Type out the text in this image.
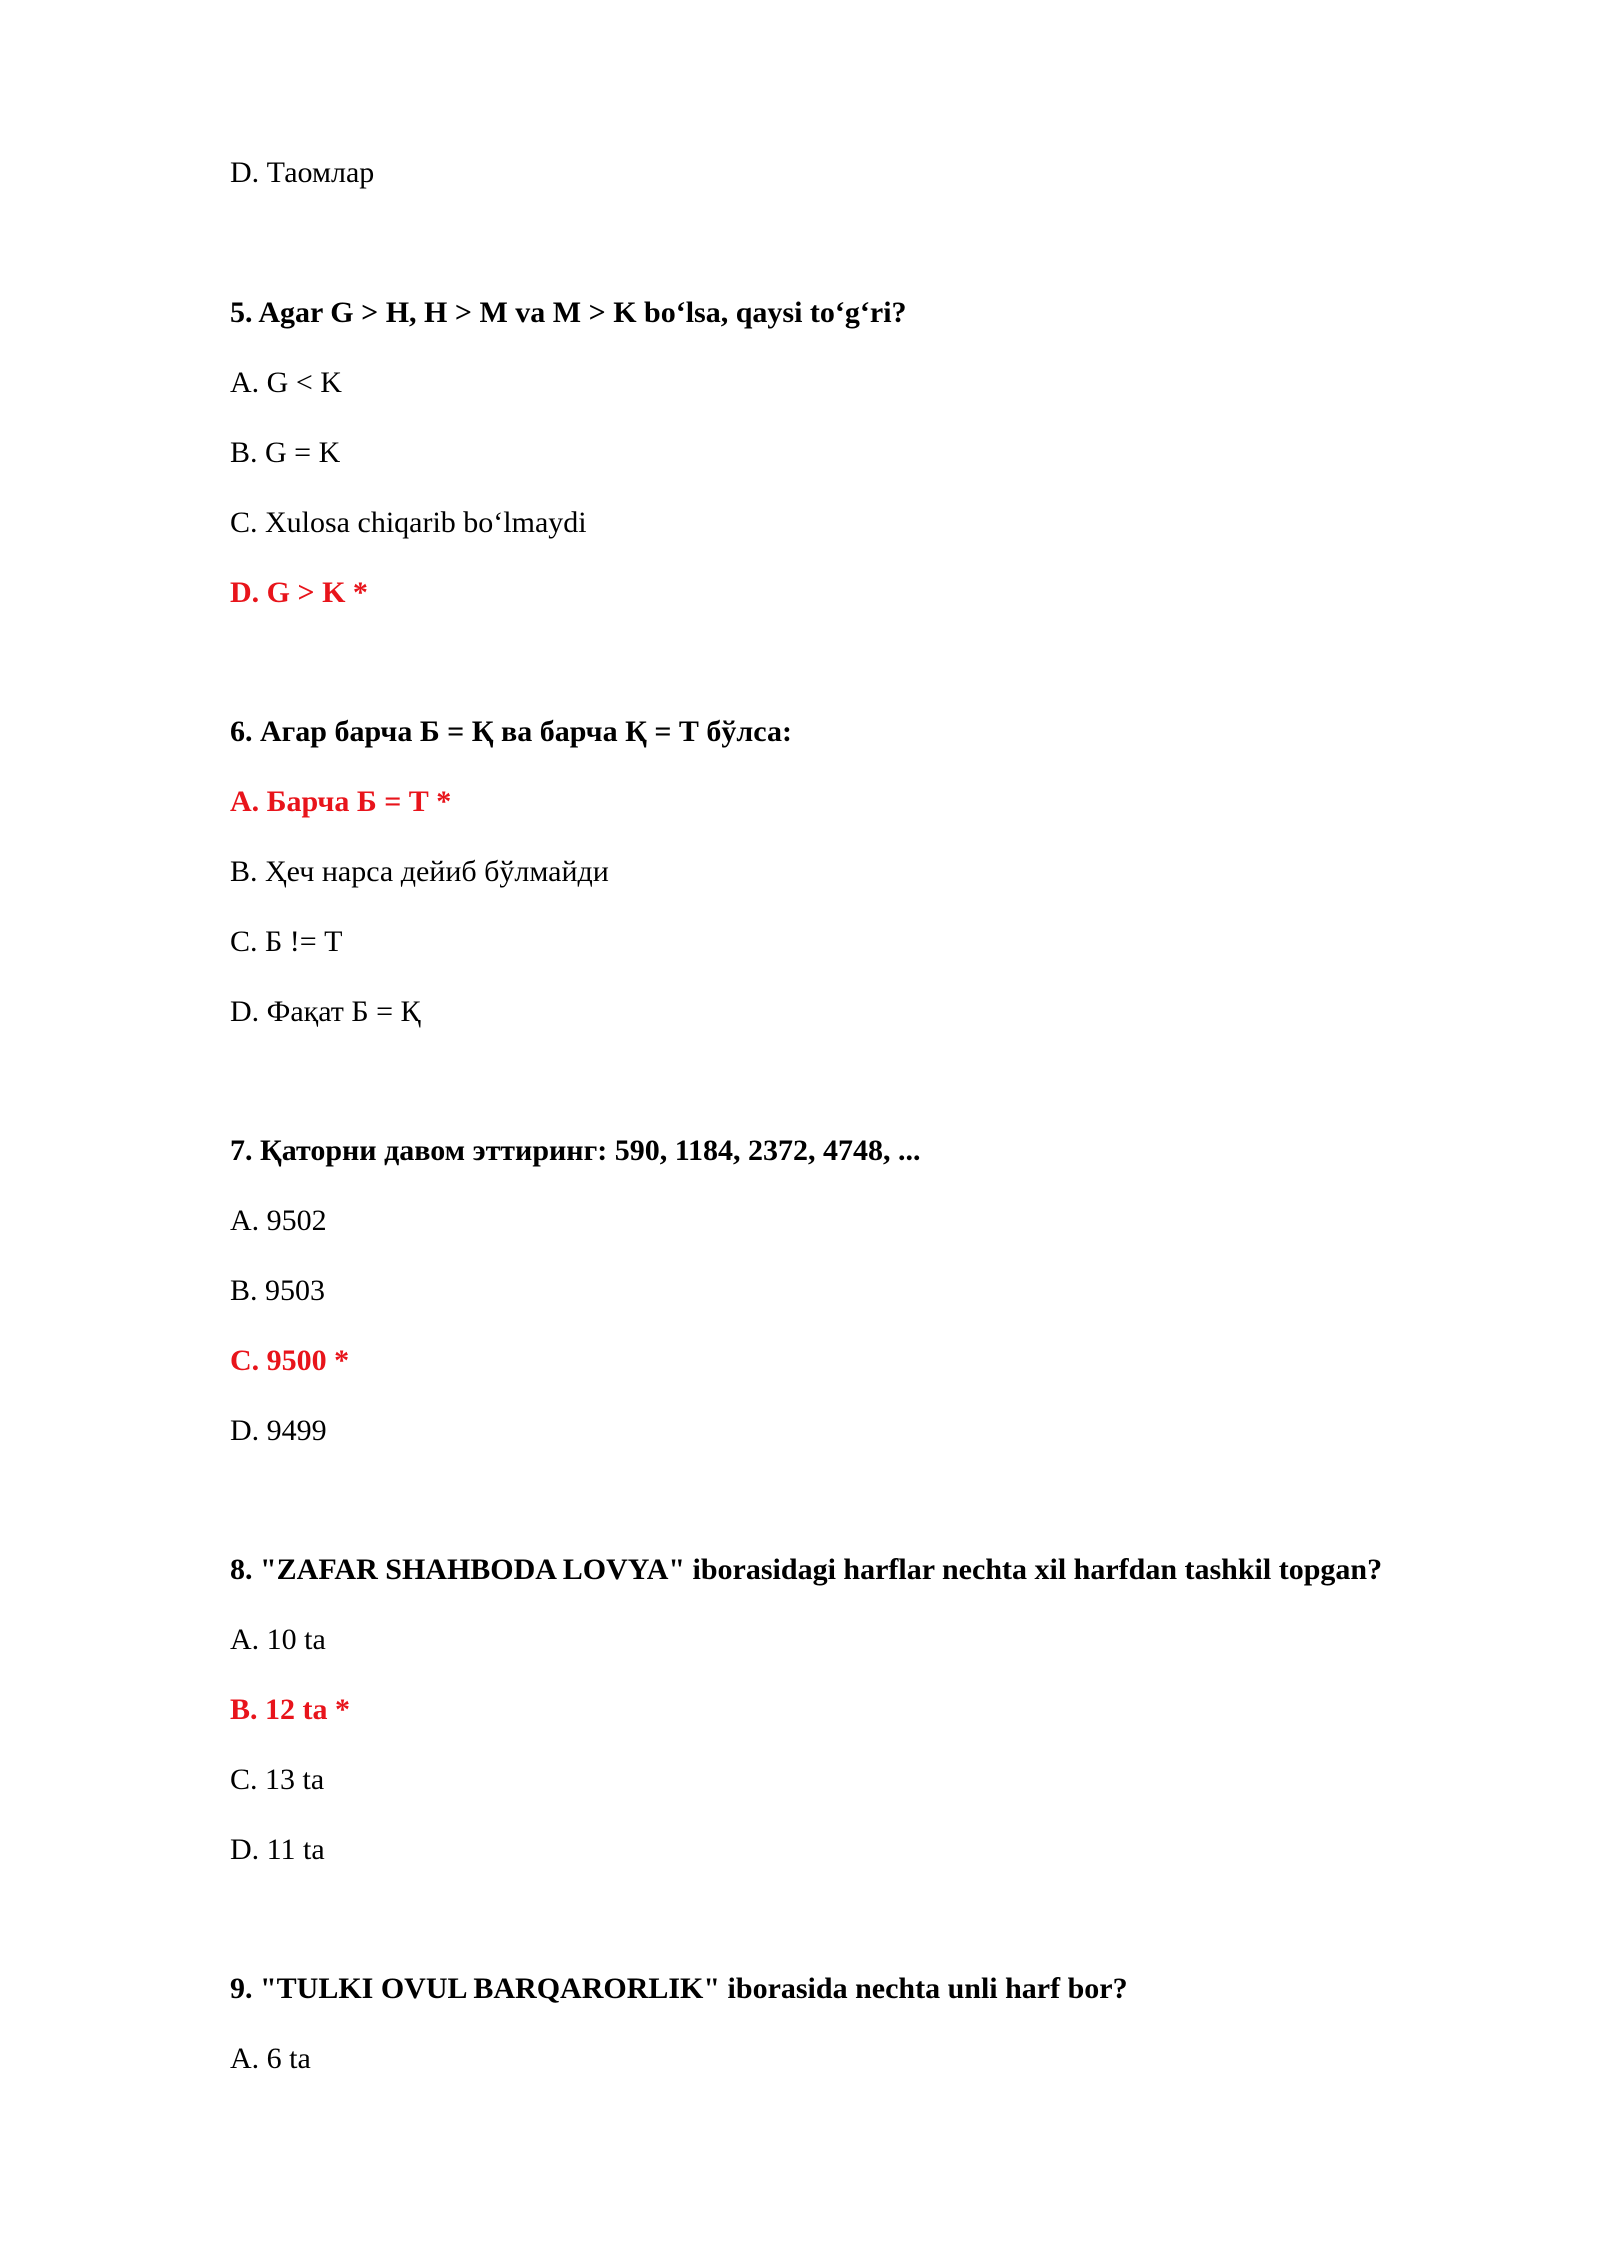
D. Таомлар
5. Agar G > H, H > M va M > K bo‘lsa, qaysi to‘g‘ri?
A. G < K
B. G = K
C. Xulosa chiqarib bo‘lmaydi
D. G > K *
6. Агар барча Б = Қ ва барча Қ = Т бўлса:
A. Барча Б = Т *
B. Ҳеч нарса дейиб бўлмайди
C. Б != Т
D. Фақат Б = Қ
7. Қаторни давом эттиринг: 590, 1184, 2372, 4748, ...
A. 9502
B. 9503
C. 9500 *
D. 9499
8. "ZAFAR SHAHBODA LOVYA" iborasidagi harflar nechta xil harfdan tashkil topgan?
A. 10 ta
B. 12 ta *
C. 13 ta
D. 11 ta
9. "TULKI OVUL BARQARORLIK" iborasida nechta unli harf bor?
A. 6 ta
